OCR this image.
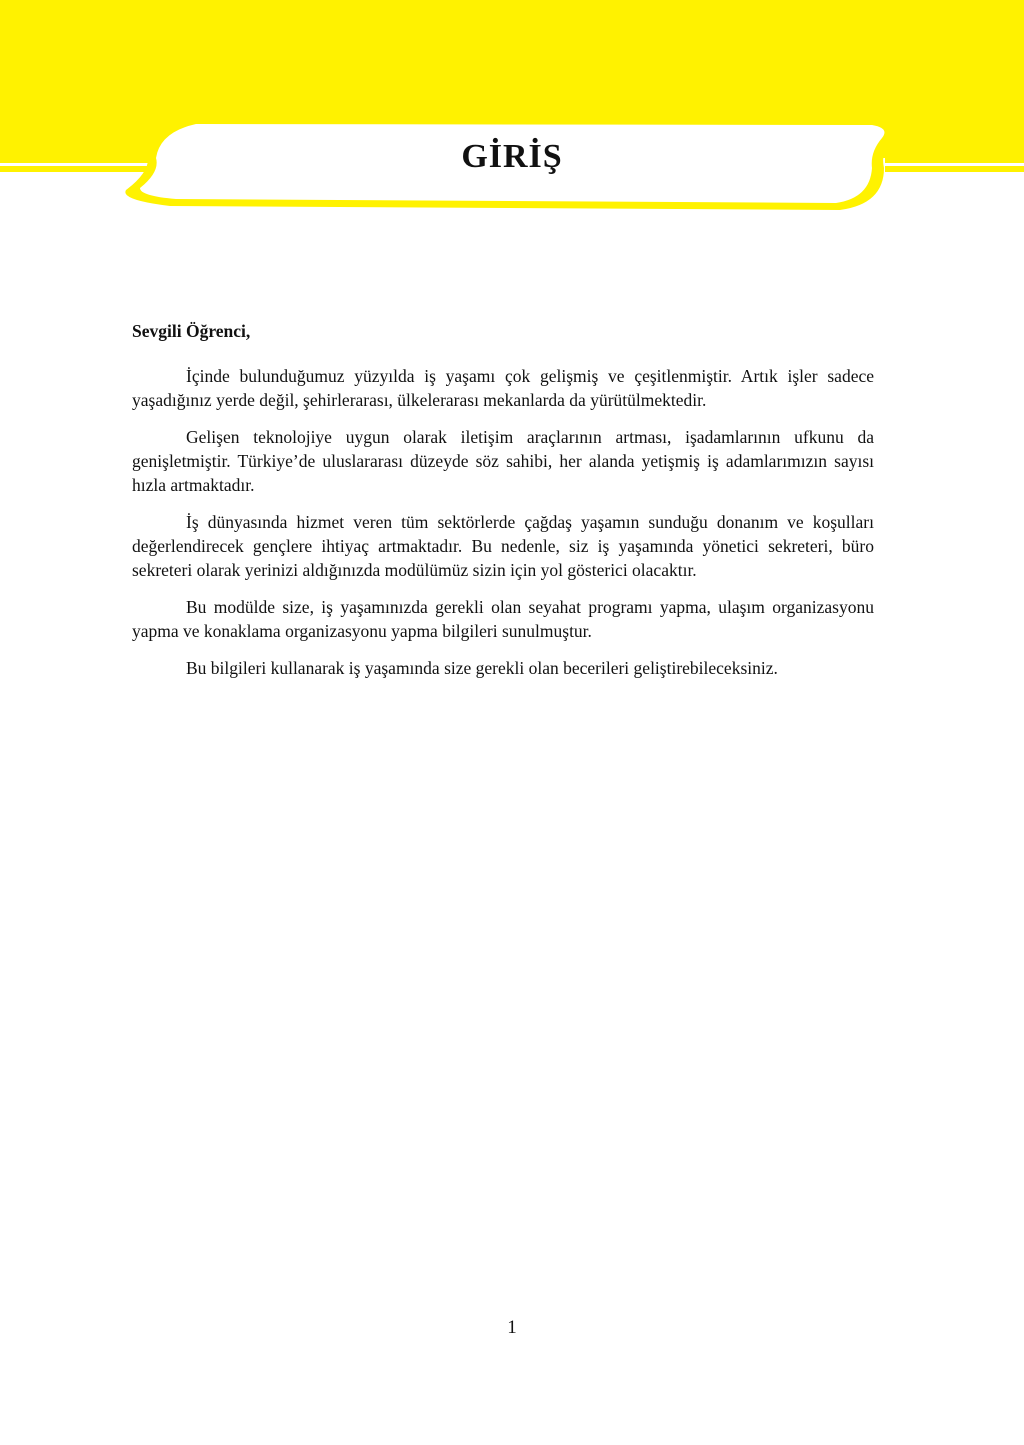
GİRİŞ

Sevgili Öğrenci,

İçinde bulunduğumuz yüzyılda iş yaşamı çok gelişmiş ve çeşitlenmiştir. Artık işler sadece yaşadığınız yerde değil, şehirlerarası, ülkelerarası mekanlarda da yürütülmektedir.

Gelişen teknolojiye uygun olarak iletişim araçlarının artması, işadamlarının ufkunu da genişletmiştir. Türkiye’de uluslararası düzeyde söz sahibi, her alanda yetişmiş iş adamlarımızın sayısı hızla artmaktadır.

İş dünyasında hizmet veren tüm sektörlerde çağdaş yaşamın sunduğu donanım ve koşulları değerlendirecek gençlere ihtiyaç artmaktadır. Bu nedenle, siz iş yaşamında yönetici sekreteri, büro sekreteri olarak yerinizi aldığınızda modülümüz sizin için yol gösterici olacaktır.

Bu modülde size, iş yaşamınızda gerekli olan seyahat programı yapma, ulaşım organizasyonu yapma ve konaklama organizasyonu yapma bilgileri sunulmuştur.

Bu bilgileri kullanarak iş yaşamında size gerekli olan becerileri geliştirebileceksiniz.

1
